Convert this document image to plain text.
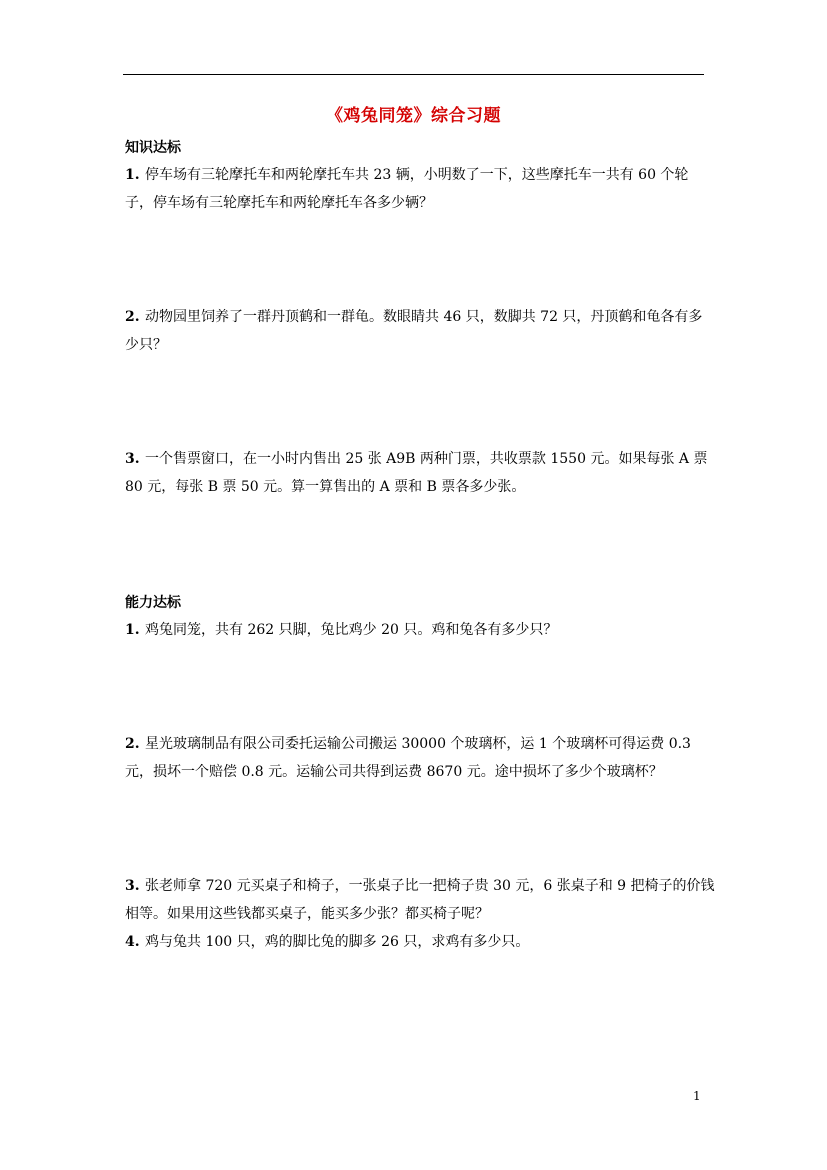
《鸡兔同笼》综合习题
知识达标
1. 停车场有三轮摩托车和两轮摩托车共 23 辆，小明数了一下，这些摩托车一共有 60 个轮子，停车场有三轮摩托车和两轮摩托车各多少辆？
2. 动物园里饲养了一群丹顶鹤和一群龟。数眼睛共 46 只，数脚共 72 只，丹顶鹤和龟各有多少只？
3. 一个售票窗口，在一小时内售出 25 张 A9B 两种门票，共收票款 1550 元。如果每张 A 票 80 元，每张 B 票 50 元。算一算售出的 A 票和 B 票各多少张。
能力达标
1. 鸡兔同笼，共有 262 只脚，兔比鸡少 20 只。鸡和兔各有多少只？
2. 星光玻璃制品有限公司委托运输公司搬运 30000 个玻璃杯，运 1 个玻璃杯可得运费 0.3 元，损坏一个赔偿 0.8 元。运输公司共得到运费 8670 元。途中损坏了多少个玻璃杯？
3. 张老师拿 720 元买桌子和椅子，一张桌子比一把椅子贵 30 元，6 张桌子和 9 把椅子的价钱相等。如果用这些钱都买桌子，能买多少张？都买椅子呢？
4. 鸡与兔共 100 只，鸡的脚比兔的脚多 26 只，求鸡有多少只。
1
